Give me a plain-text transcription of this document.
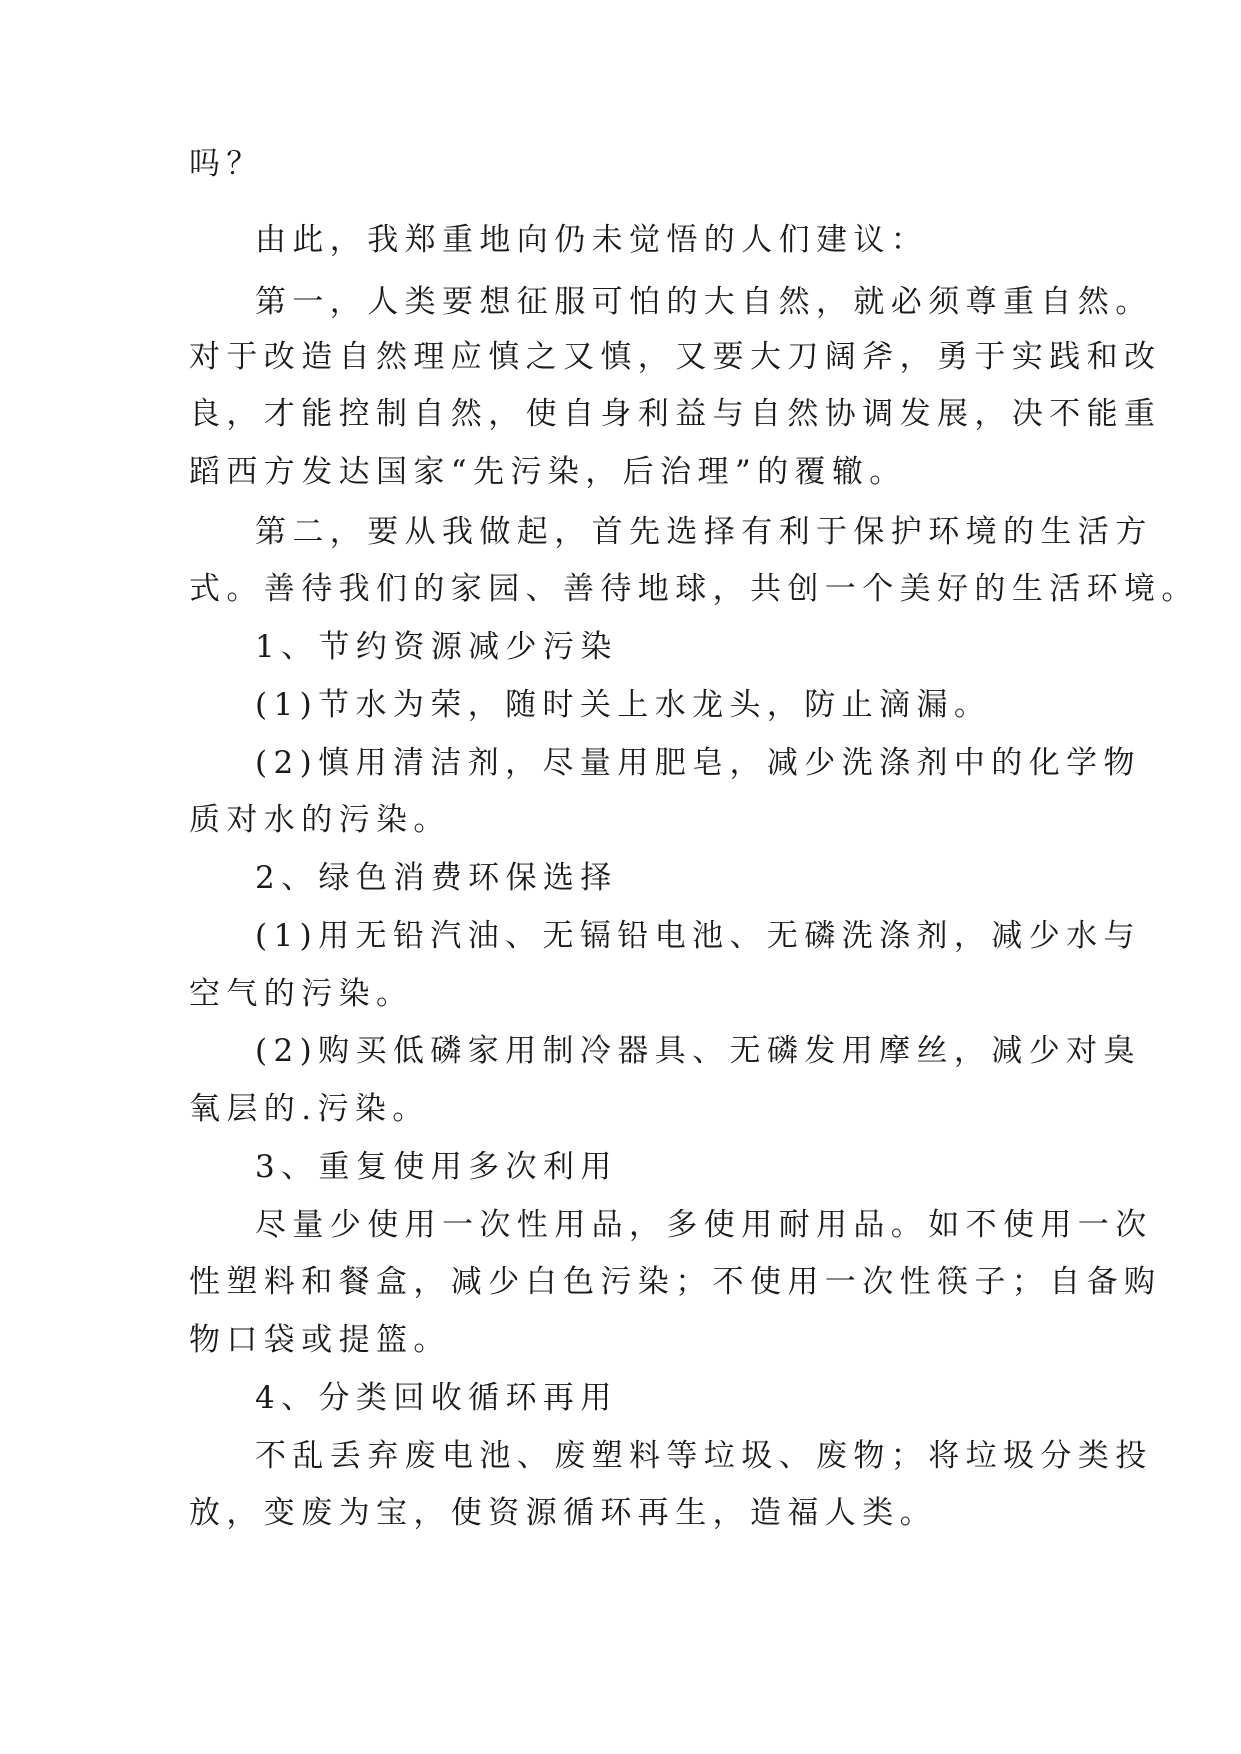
吗？
由此，我郑重地向仍未觉悟的人们建议：
第一，人类要想征服可怕的大自然，就必须尊重自然。
对于改造自然理应慎之又慎，又要大刀阔斧，勇于实践和改
良，才能控制自然，使自身利益与自然协调发展，决不能重
蹈西方发达国家“先污染，后治理”的覆辙。
第二，要从我做起，首先选择有利于保护环境的生活方
式。善待我们的家园、善待地球，共创一个美好的生活环境。
1、节约资源减少污染
(1)节水为荣，随时关上水龙头，防止滴漏。
(2)慎用清洁剂，尽量用肥皂，减少洗涤剂中的化学物
质对水的污染。
2、绿色消费环保选择
(1)用无铅汽油、无镉铅电池、无磷洗涤剂，减少水与
空气的污染。
(2)购买低磷家用制冷器具、无磷发用摩丝，减少对臭
氧层的.污染。
3、重复使用多次利用
尽量少使用一次性用品，多使用耐用品。如不使用一次
性塑料和餐盒，减少白色污染；不使用一次性筷子；自备购
物口袋或提篮。
4、分类回收循环再用
不乱丢弃废电池、废塑料等垃圾、废物；将垃圾分类投
放，变废为宝，使资源循环再生，造福人类。
